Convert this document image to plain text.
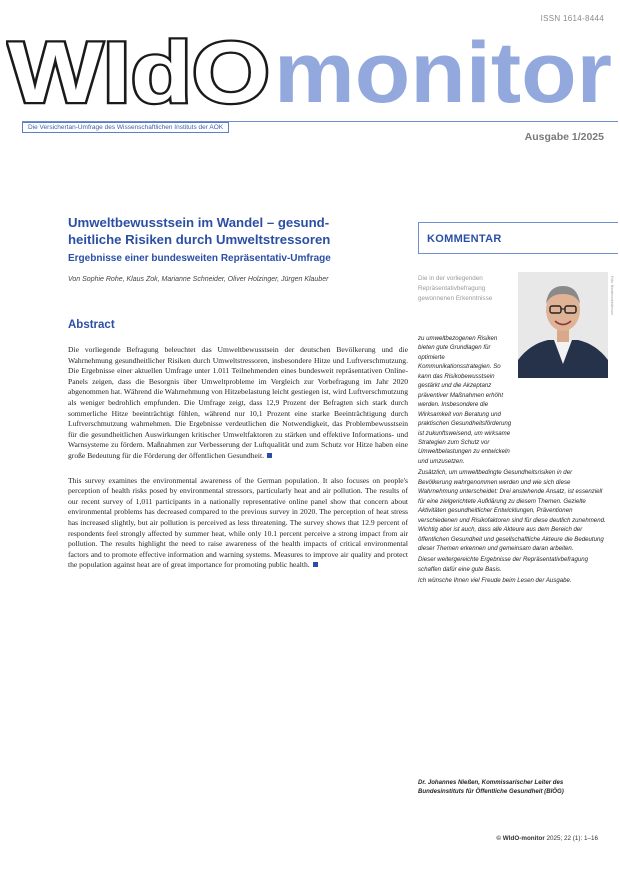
ISSN 1614-8444
WIdO monitor
Die Versichertan-Umfrage des Wissenschaftlichen Instituts der AOK
Ausgabe 1/2025
Umweltbewusstsein im Wandel – gesund-
heitliche Risiken durch Umweltstressoren
Ergebnisse einer bundesweiten Repräsentativ-Umfrage
Von Sophie Rohe, Klaus Zok, Marianne Schneider, Oliver Holzinger, Jürgen Klauber
Abstract

Die vorliegende Befragung beleuchtet das Umweltbewusstsein der deutschen Bevölkerung und die Wahrnehmung gesundheitlicher Risiken durch Umweltstressoren, insbesondere Hitze und Luftverschmutzung. Die Ergebnisse einer aktuellen Umfrage unter 1.011 Teilnehmenden eines bundesweit repräsentativen Online-Panels zeigen, dass die Besorgnis über Umweltprobleme im Vergleich zur Vorbefragung im Jahr 2020 abgenommen hat. Während die Wahrnehmung von Hitzebelastung leicht gestiegen ist, wird Luftverschmutzung als weniger bedrohlich empfunden. Die Umfrage zeigt, dass 12,9 Prozent der Befragten sich stark durch sommerliche Hitze beeinträchtigt fühlen, während nur 10,1 Prozent eine starke Beeinträchtigung durch Luftverschmutzung wahrnehmen. Die Ergebnisse verdeutlichen die Notwendigkeit, das Problembewusstsein für die gesundheitlichen Auswirkungen kritischer Umweltfaktoren zu stärken und effektive Informations- und Warnsysteme zu fördern. Maßnahmen zur Verbesserung der Luftqualität und zum Schutz vor Hitze haben eine große Bedeutung für die Förderung der öffentlichen Gesundheit.

This survey examines the environmental awareness of the German population. It also focuses on people's perception of health risks posed by environmental stressors, particularly heat and air pollution. The results of our recent survey of 1,011 participants in a nationally representative online panel show that concern about environmental problems has decreased compared to the previous survey in 2020. The perception of heat stress has increased slightly, but air pollution is perceived as less threatening. The survey shows that 12.9 percent of respondents feel strongly affected by summer heat, while only 10.1 percent perceive a strong impact from air pollution. The results highlight the need to raise awareness of the health impacts of critical environmental factors and to promote effective information and warning systems. Measures to improve air quality and protect the population against heat are of great importance for promoting public health.

KOMMENTAR
Die in der vorliegenden Repräsentativbefragung gewonnenen Erkenntnisse	Foto: Bundesministerium

zu umweltbezogenen Risiken bieten gute Grundlagen für optimierte Kommunikationsstrategien. So kann das Risikobewusstsein gestärkt und die Akzeptanz präventiver Maßnahmen erhöht werden. Insbesondere die Wirksamkeit von Beratung und praktischen Gesundheitsförderung ist zukunftsweisend, um wirksame Strategien zum Schutz vor Umweltbelastungen zu entwickeln und umzusetzen.

Zusätzlich, um umweltbedingte Gesundheitsrisiken in der Bevölkerung wahrgenommen werden und wie sich diese Wahrnehmung unterscheidet: Drei anstehende Ansatz, ist essenziell für eine zielgerichtete Aufklärung zu diesem Themen. Gezielte Aktivitäten gesundheitlicher Entwicklungen, Präventionen verschiedenen und Risikofaktoren sind für diese deutlich zunehmend. Wichtig aber ist auch, dass alle Akteure aus dem Bereich der öffentlichen Gesundheit und gesellschaftliche Akteure die Bedeutung dieser Themen erkennen und gemeinsam daran arbeiten.

Dieser weitergereichte Ergebnisse der Repräsentativbefragung schaffen dafür eine gute Basis.

Ich wünsche Ihnen viel Freude beim Lesen der Ausgabe.

Dr. Johannes Nießen, Kommissarischer Leiter des Bundesinstituts für Öffentliche Gesundheit (BIÖG)
© WIdO-monitor 2025; 22 (1): 1–16
